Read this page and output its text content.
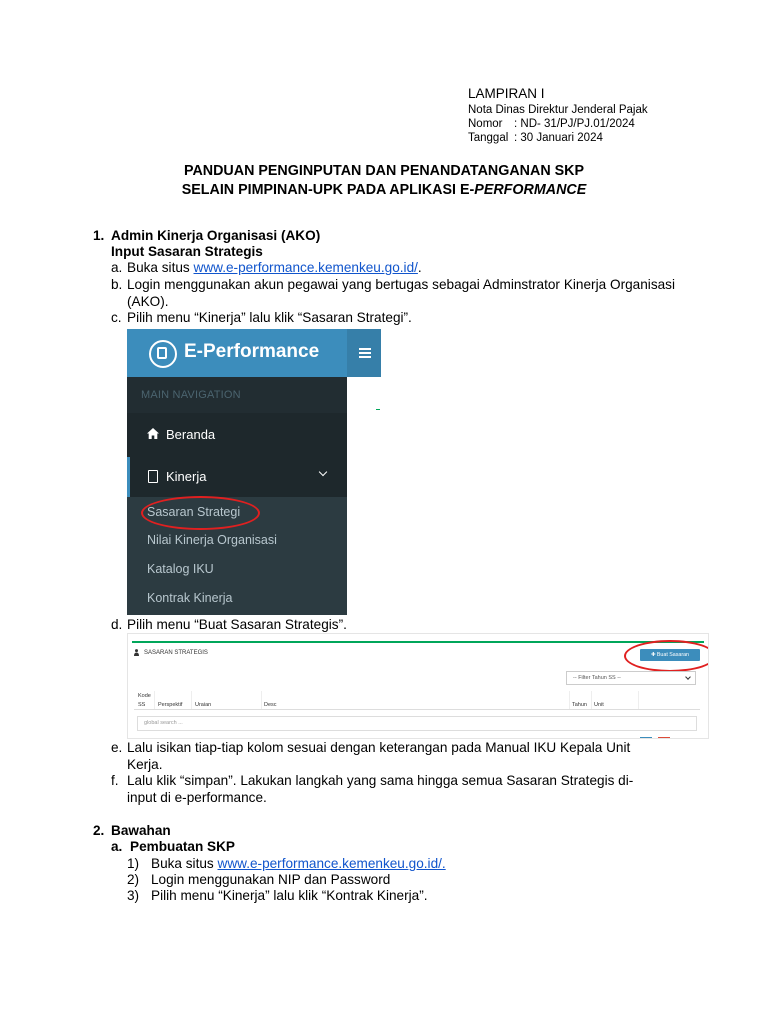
LAMPIRAN I
Nota Dinas Direktur Jenderal Pajak
Nomor : ND- 31/PJ/PJ.01/2024
Tanggal : 30 Januari 2024
PANDUAN PENGINPUTAN DAN PENANDATANGANAN SKP
SELAIN PIMPINAN-UPK PADA APLIKASI E-PERFORMANCE
1. Admin Kinerja Organisasi (AKO)
Input Sasaran Strategis
a. Buka situs www.e-performance.kemenkeu.go.id/.
b. Login menggunakan akun pegawai yang bertugas sebagai Adminstrator Kinerja Organisasi (AKO).
c. Pilih menu “Kinerja” lalu klik “Sasaran Strategi”.
E-Performance
MAIN NAVIGATION
Beranda
Kinerja
Sasaran Strategi
Nilai Kinerja Organisasi
Katalog IKU
Kontrak Kinerja
d. Pilih menu “Buat Sasaran Strategis”.
SASARAN STRATEGIS	✚ Buat Sasaran Strategis
-- Filter Tahun SS --
Kode
SS Perspektif Uraian	Desc	Tahun Unit
global search ...
e. Lalu isikan tiap-tiap kolom sesuai dengan keterangan pada Manual IKU Kepala Unit Kerja.
f. Lalu klik “simpan”. Lakukan langkah yang sama hingga semua Sasaran Strategis di-input di e-performance.
2. Bawahan
a. Pembuatan SKP
1) Buka situs www.e-performance.kemenkeu.go.id/.
2) Login menggunakan NIP dan Password
3) Pilih menu “Kinerja” lalu klik “Kontrak Kinerja”.
